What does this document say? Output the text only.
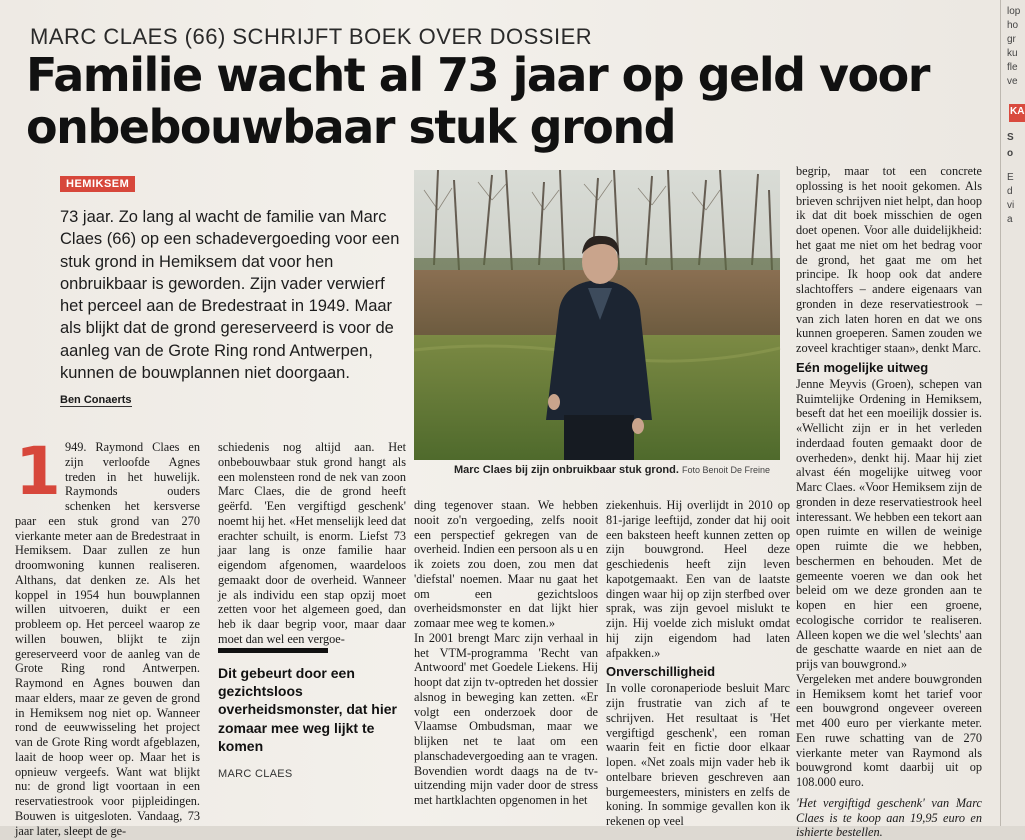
MARC CLAES (66) SCHRIJFT BOEK OVER DOSSIER
Familie wacht al 73 jaar op geld voor onbebouwbaar stuk grond
HEMIKSEM
73 jaar. Zo lang al wacht de familie van Marc Claes (66) op een schadevergoeding voor een stuk grond in Hemiksem dat voor hen onbruikbaar is geworden. Zijn vader verwierf het perceel aan de Bredestraat in 1949. Maar als blijkt dat de grond gereserveerd is voor de aanleg van de Grote Ring rond Antwerpen, kunnen de bouwplannen niet doorgaan.
Ben Conaerts
Marc Claes bij zijn onbruikbaar stuk grond. Foto Benoit De Freine
1 949. Raymond Claes en zijn verloofde Agnes treden in het huwelijk. Raymonds ouders schenken het kersverse paar een stuk grond van 270 vierkante meter aan de Bredestraat in Hemiksem. Daar zullen ze hun droomwoning kunnen realiseren. Althans, dat denken ze. Als het koppel in 1954 hun bouwplannen willen uitvoeren, duikt er een probleem op. Het perceel waarop ze willen bouwen, blijkt te zijn gereserveerd voor de aanleg van de Grote Ring rond Antwerpen. Raymond en Agnes bouwen dan maar elders, maar ze geven de grond in Hemiksem nog niet op. Wanneer rond de eeuwwisseling het project van de Grote Ring wordt afgeblazen, laait de hoop weer op. Maar het is opnieuw vergeefs. Want wat blijkt nu: de grond ligt voortaan in een reservatiestrook voor pijpleidingen. Bouwen is uitgesloten. Vandaag, 73 jaar later, sleept de ge-

schiedenis nog altijd aan. Het onbebouwbaar stuk grond hangt als een molensteen rond de nek van zoon Marc Claes, die de grond heeft geërfd. 'Een vergiftigd geschenk' noemt hij het. «Het menselijk leed dat erachter schuilt, is enorm. Liefst 73 jaar lang is onze familie haar eigendom afgenomen, waardeloos gemaakt door de overheid. Wanneer je als individu een stap opzij moet zetten voor het algemeen goed, dan heb ik daar begrip voor, maar daar moet dan wel een vergoe-

Dit gebeurt door een gezichtsloos overheidsmonster, dat hier zomaar mee weg lijkt te komen
MARC CLAES

ding tegenover staan. We hebben nooit zo'n vergoeding, zelfs nooit een perspectief gekregen van de overheid. Indien een persoon als u en ik zoiets zou doen, zou men dat 'diefstal' noemen. Maar nu gaat het om een gezichtsloos overheidsmonster en dat lijkt hier zomaar mee weg te komen.»

In 2001 brengt Marc zijn verhaal in het VTM-programma 'Recht van Antwoord' met Goedele Liekens. Hij hoopt dat zijn tv-optreden het dossier alsnog in beweging kan zetten. «Er volgt een onderzoek door de Vlaamse Ombudsman, maar we blijken net te laat om een planschadevergoeding aan te vragen. Bovendien wordt daags na de tv-uitzending mijn vader door de stress met hartklachten opgenomen in het

ziekenhuis. Hij overlijdt in 2010 op 81-jarige leeftijd, zonder dat hij ooit een baksteen heeft kunnen zetten op zijn bouwgrond. Heel deze geschiedenis heeft zijn leven kapotgemaakt. Een van de laatste dingen waar hij op zijn sterfbed over sprak, was zijn gevoel mislukt te zijn. Hij voelde zich mislukt omdat hij zijn eigendom had laten afpakken.»

Onverschilligheid

In volle coronaperiode besluit Marc zijn frustratie van zich af te schrijven. Het resultaat is 'Het vergiftigd geschenk', een roman waarin feit en fictie door elkaar lopen. «Net zoals mijn vader heb ik ontelbare brieven geschreven aan burgemeesters, ministers en zelfs de koning. In sommige gevallen kon ik rekenen op veel

begrip, maar tot een concrete oplossing is het nooit gekomen. Als brieven schrijven niet helpt, dan hoop ik dat dit boek misschien de ogen doet openen. Voor alle duidelijkheid: het gaat me niet om het bedrag voor de grond, het gaat me om het principe. Ik hoop ook dat andere slachtoffers – andere eigenaars van gronden in deze reservatiestrook – van zich laten horen en dat we ons kunnen groeperen. Samen zouden we zoveel krachtiger staan», denkt Marc.

Eén mogelijke uitweg

Jenne Meyvis (Groen), schepen van Ruimtelijke Ordening in Hemiksem, beseft dat het een moeilijk dossier is. «Wellicht zijn er in het verleden inderdaad fouten gemaakt door de overheden», denkt hij. Maar hij ziet alvast één mogelijke uitweg voor Marc Claes. «Voor Hemiksem zijn de gronden in deze reservatiestrook heel interessant. We hebben een tekort aan open ruimte en willen de weinige open ruimte die we hebben, beschermen en behouden. Met de gemeente voeren we dan ook het beleid om we deze gronden aan te kopen en hier een groene, ecologische corridor te realiseren. Alleen kopen we die wel 'slechts' aan de geschatte waarde en niet aan de prijs van bouwgrond.»

Vergeleken met andere bouwgronden in Hemiksem komt het tarief voor een bouwgrond ongeveer overeen met 400 euro per vierkante meter. Een ruwe schatting van de 270 vierkante meter van Raymond als bouwgrond komt daarbij uit op 108.000 euro.

'Het vergiftigd geschenk' van Marc Claes is te koop aan 19,95 euro en ishierte bestellen.

lop
ho
gr
ku
fle
ve
KA
S
o
E
d
vi
a
